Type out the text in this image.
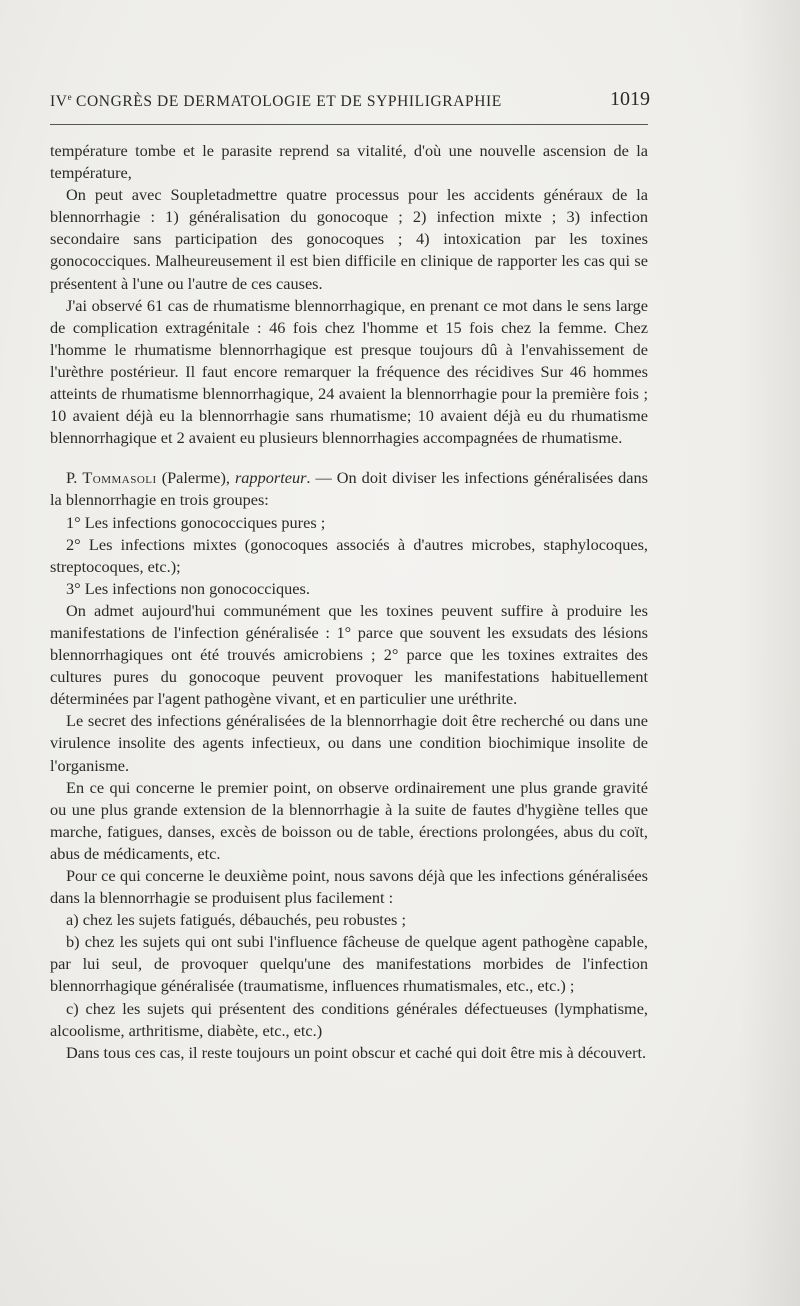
IVe CONGRÈS DE DERMATOLOGIE ET DE SYPHILIGRAPHIE	1019

température tombe et le parasite reprend sa vitalité, d'où une nouvelle ascension de la température,

On peut avec Soupletadmettre quatre processus pour les accidents généraux de la blennorrhagie : 1) généralisation du gonocoque ; 2) infection mixte ; 3) infection secondaire sans participation des gonocoques ; 4) intoxication par les toxines gonococciques. Malheureusement il est bien difficile en clinique de rapporter les cas qui se présentent à l'une ou l'autre de ces causes.

J'ai observé 61 cas de rhumatisme blennorrhagique, en prenant ce mot dans le sens large de complication extragénitale : 46 fois chez l'homme et 15 fois chez la femme. Chez l'homme le rhumatisme blennorrhagique est presque toujours dû à l'envahissement de l'urèthre postérieur. Il faut encore remarquer la fréquence des récidives Sur 46 hommes atteints de rhumatisme blennorrhagique, 24 avaient la blennorrhagie pour la première fois ; 10 avaient déjà eu la blennorrhagie sans rhumatisme; 10 avaient déjà eu du rhumatisme blennorrhagique et 2 avaient eu plusieurs blennorrhagies accompagnées de rhumatisme.

P. Tommasoli (Palerme), rapporteur. — On doit diviser les infections généralisées dans la blennorrhagie en trois groupes:

1° Les infections gonococciques pures ;

2° Les infections mixtes (gonocoques associés à d'autres microbes, staphylocoques, streptocoques, etc.);

3° Les infections non gonococciques.

On admet aujourd'hui communément que les toxines peuvent suffire à produire les manifestations de l'infection généralisée : 1° parce que souvent les exsudats des lésions blennorrhagiques ont été trouvés amicrobiens ; 2° parce que les toxines extraites des cultures pures du gonocoque peuvent provoquer les manifestations habituellement déterminées par l'agent pathogène vivant, et en particulier une uréthrite.

Le secret des infections généralisées de la blennorrhagie doit être recherché ou dans une virulence insolite des agents infectieux, ou dans une condition biochimique insolite de l'organisme.

En ce qui concerne le premier point, on observe ordinairement une plus grande gravité ou une plus grande extension de la blennorrhagie à la suite de fautes d'hygiène telles que marche, fatigues, danses, excès de boisson ou de table, érections prolongées, abus du coït, abus de médicaments, etc.

Pour ce qui concerne le deuxième point, nous savons déjà que les infections généralisées dans la blennorrhagie se produisent plus facilement :

a) chez les sujets fatigués, débauchés, peu robustes ;

b) chez les sujets qui ont subi l'influence fâcheuse de quelque agent pathogène capable, par lui seul, de provoquer quelqu'une des manifestations morbides de l'infection blennorrhagique généralisée (traumatisme, influences rhumatismales, etc., etc.) ;

c) chez les sujets qui présentent des conditions générales défectueuses (lymphatisme, alcoolisme, arthritisme, diabète, etc., etc.)

Dans tous ces cas, il reste toujours un point obscur et caché qui doit être mis à découvert.
